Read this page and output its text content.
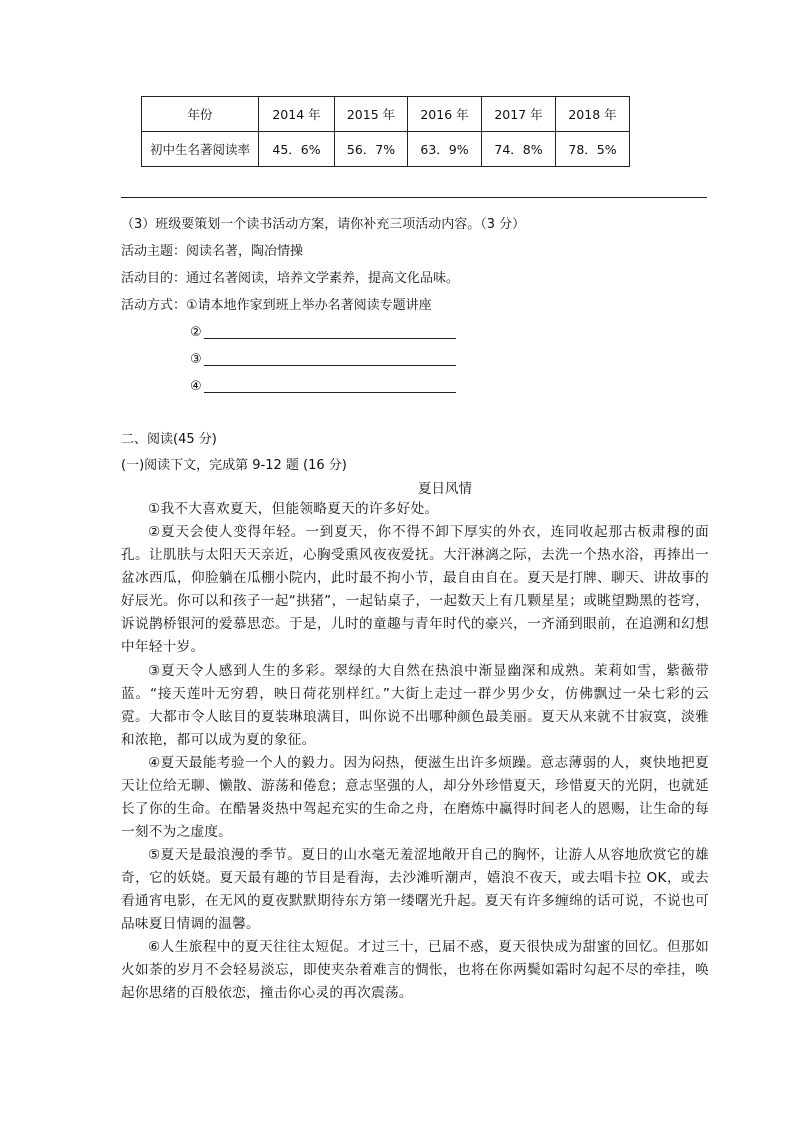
年份	2014 年	2015 年	2016 年	2017 年	2018 年
初中生名著阅读率	45．6%	56．7%	63．9%	74．8%	78．5%
（3）班级要策划一个读书活动方案，请你补充三项活动内容。（3 分）
活动主题：阅读名著，陶冶情操
活动目的：通过名著阅读，培养文学素养，提高文化品味。
活动方式：①请本地作家到班上举办名著阅读专题讲座
②
③
④
二、阅读(45 分)
(一)阅读下文，完成第 9-12 题 (16 分)
夏日风情
①我不大喜欢夏天，但能领略夏天的许多好处。
②夏天会使人变得年轻。一到夏天，你不得不卸下厚实的外衣，连同收起那古板肃穆的面孔。让肌肤与太阳天天亲近，心胸受熏风夜夜爱抚。大汗淋漓之际，去洗一个热水浴，再捧出一盆冰西瓜，仰脸躺在瓜棚小院内，此时最不拘小节，最自由自在。夏天是打牌、聊天、讲故事的好辰光。你可以和孩子一起“拱猪”，一起钻桌子，一起数天上有几颗星星；或眺望黝黑的苍穹，诉说鹊桥银河的爱慕思恋。于是，儿时的童趣与青年时代的豪兴，一齐涌到眼前，在追溯和幻想中年轻十岁。
③夏天令人感到人生的多彩。翠绿的大自然在热浪中渐显幽深和成熟。茉莉如雪，紫薇带蓝。“接天莲叶无穷碧，映日荷花别样红。”大街上走过一群少男少女，仿佛飘过一朵七彩的云霓。大都市令人眩目的夏装琳琅满目，叫你说不出哪种颜色最美丽。夏天从来就不甘寂寞，淡雅和浓艳，都可以成为夏的象征。
④夏天最能考验一个人的毅力。因为闷热，便滋生出许多烦躁。意志薄弱的人，爽快地把夏天让位给无聊、懒散、游荡和倦怠；意志坚强的人，却分外珍惜夏天，珍惜夏天的光阴，也就延长了你的生命。在酷暑炎热中驾起充实的生命之舟，在磨炼中赢得时间老人的恩赐，让生命的每一刻不为之虚度。
⑤夏天是最浪漫的季节。夏日的山水毫无羞涩地敞开自己的胸怀，让游人从容地欣赏它的雄奇，它的妖娆。夏天最有趣的节目是看海，去沙滩听潮声，嬉浪不夜天，或去唱卡拉 OK，或去看通宵电影，在无风的夏夜默默期待东方第一缕曙光升起。夏天有许多缠绵的话可说，不说也可品味夏日情调的温馨。
⑥人生旅程中的夏天往往太短促。才过三十，已届不惑，夏天很快成为甜蜜的回忆。但那如火如荼的岁月不会轻易淡忘，即使夹杂着难言的惆怅，也将在你两鬓如霜时勾起不尽的牵挂，唤起你思绪的百般依恋，撞击你心灵的再次震荡。
